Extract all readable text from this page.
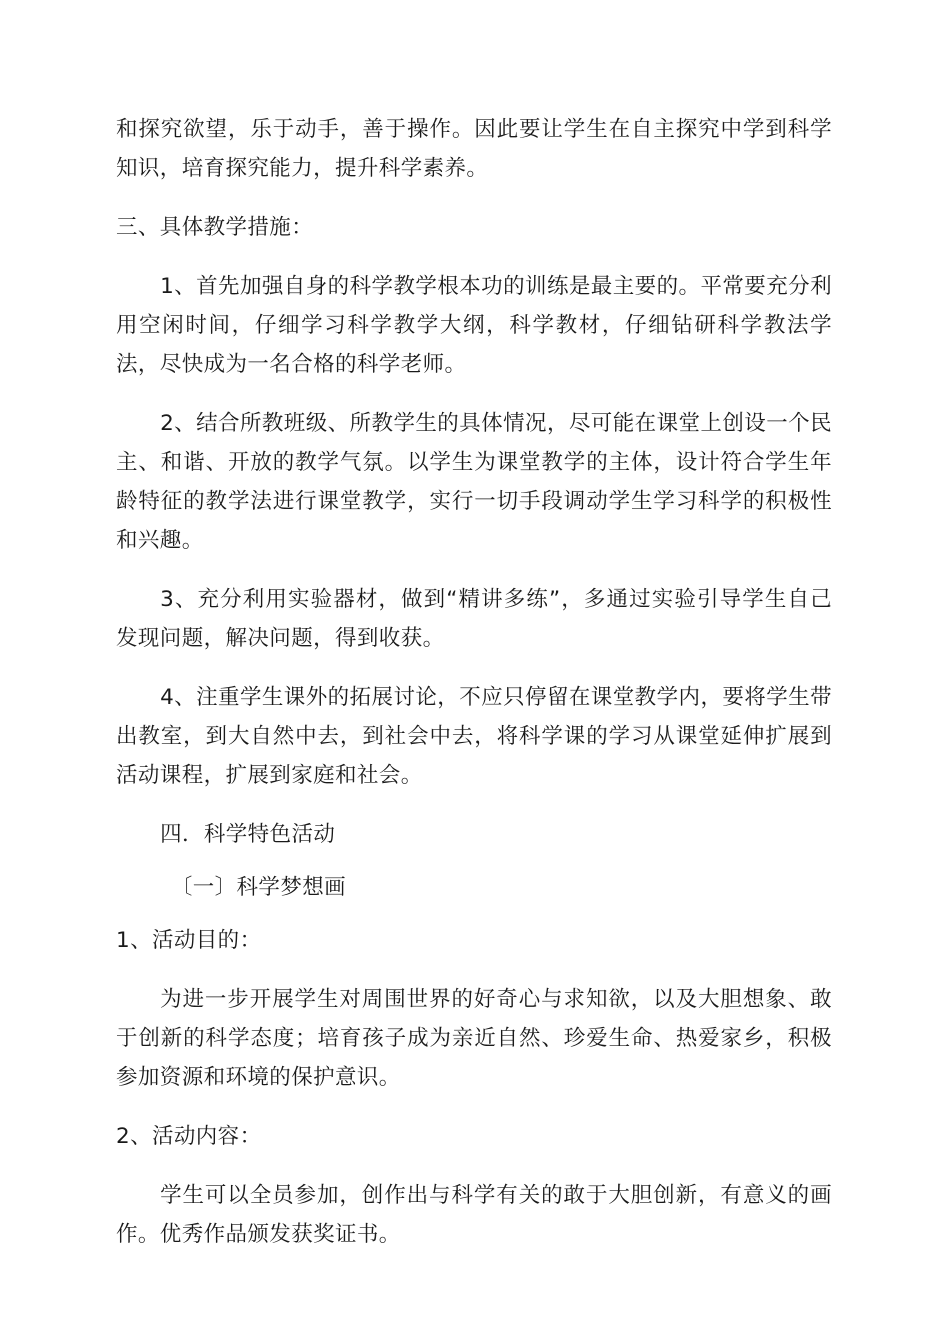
和探究欲望，乐于动手，善于操作。因此要让学生在自主探究中学到科学知识，培育探究能力，提升科学素养。

三、具体教学措施：

1、首先加强自身的科学教学根本功的训练是最主要的。平常要充分利用空闲时间，仔细学习科学教学大纲，科学教材，仔细钻研科学教法学法，尽快成为一名合格的科学老师。

2、结合所教班级、所教学生的具体情况，尽可能在课堂上创设一个民主、和谐、开放的教学气氛。以学生为课堂教学的主体，设计符合学生年龄特征的教学法进行课堂教学，实行一切手段调动学生学习科学的积极性和兴趣。

3、充分利用实验器材，做到“精讲多练”，多通过实验引导学生自己发现问题，解决问题，得到收获。

4、注重学生课外的拓展讨论，不应只停留在课堂教学内，要将学生带出教室，到大自然中去，到社会中去，将科学课的学习从课堂延伸扩展到活动课程，扩展到家庭和社会。

四．科学特色活动

〔一〕科学梦想画

1、活动目的：

为进一步开展学生对周围世界的好奇心与求知欲，以及大胆想象、敢于创新的科学态度；培育孩子成为亲近自然、珍爱生命、热爱家乡，积极参加资源和环境的保护意识。

2、活动内容：

学生可以全员参加，创作出与科学有关的敢于大胆创新，有意义的画作。优秀作品颁发获奖证书。
